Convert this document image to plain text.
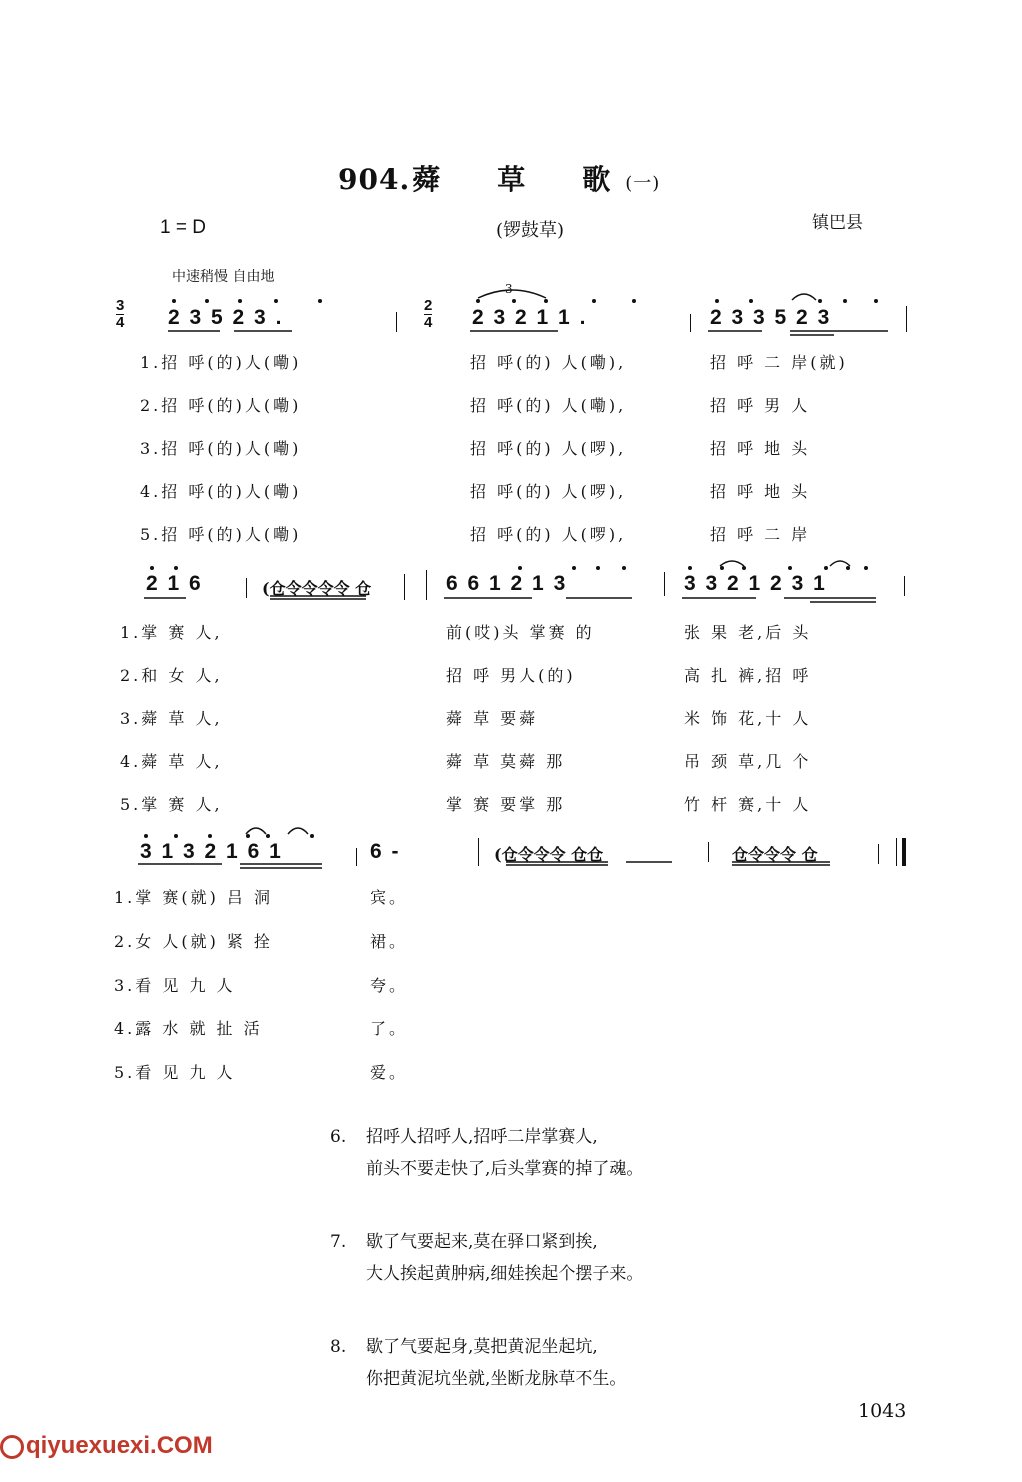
904.蕣 草 歌 (一)
1 = D	(锣鼓草)	镇巴县
中速稍慢 自由地
$\frac{3}{4} 2$ 3 5 2 3 .	$\frac{2}{4}$
3
2 3 2 1 1 .	2 3 3 5 2 3
1.招 呼(的)人(嘞)	招 呼(的) 人(嘞),	招 呼 二 岸(就)
2.招 呼(的)人(嘞)	招 呼(的) 人(嘞),	招 呼 男 人
3.招 呼(的)人(嘞)	招 呼(的) 人(啰),	招 呼 地 头
4.招 呼(的)人(嘞)	招 呼(的) 人(啰),	招 呼 地 头
5.招 呼(的)人(嘞)	招 呼(的) 人(啰),	招 呼 二 岸
2 1 6	(仓令令令令 仓	6 6 1 2 1 3	3 3 2 1 2 3 1
1.掌 赛 人,	前(哎)头 掌赛 的	张 果 老,后 头
2.和 女 人,	招 呼 男人(的)	高 扎 裤,招 呼
3.蕣 草 人,	蕣 草 要蕣	米 饰 花,十 人
4.蕣 草 人,	蕣 草 莫蕣 那	吊 颈 草,几 个
5.掌 赛 人,	掌 赛 要掌 那	竹 杆 赛,十 人
3 1 3 2 1 6 1	6 -	(仓令令令 仓仓	仓令令令 仓
1.掌 赛(就) 吕 洞	宾。
2.女 人(就) 紧 拴	裙。
3.看 见 九 人	夸。
4.露 水 就 扯 活	了。
5.看 见 九 人	爱。
6. 招呼人招呼人,招呼二岸掌赛人,
前头不要走快了,后头掌赛的掉了魂。
7. 歇了气要起来,莫在驿口紧到挨,
大人挨起黄肿病,细娃挨起个摆子来。
8. 歇了气要起身,莫把黄泥坐起坑,
你把黄泥坑坐就,坐断龙脉草不生。
1043
qiyuexuexi.COM
